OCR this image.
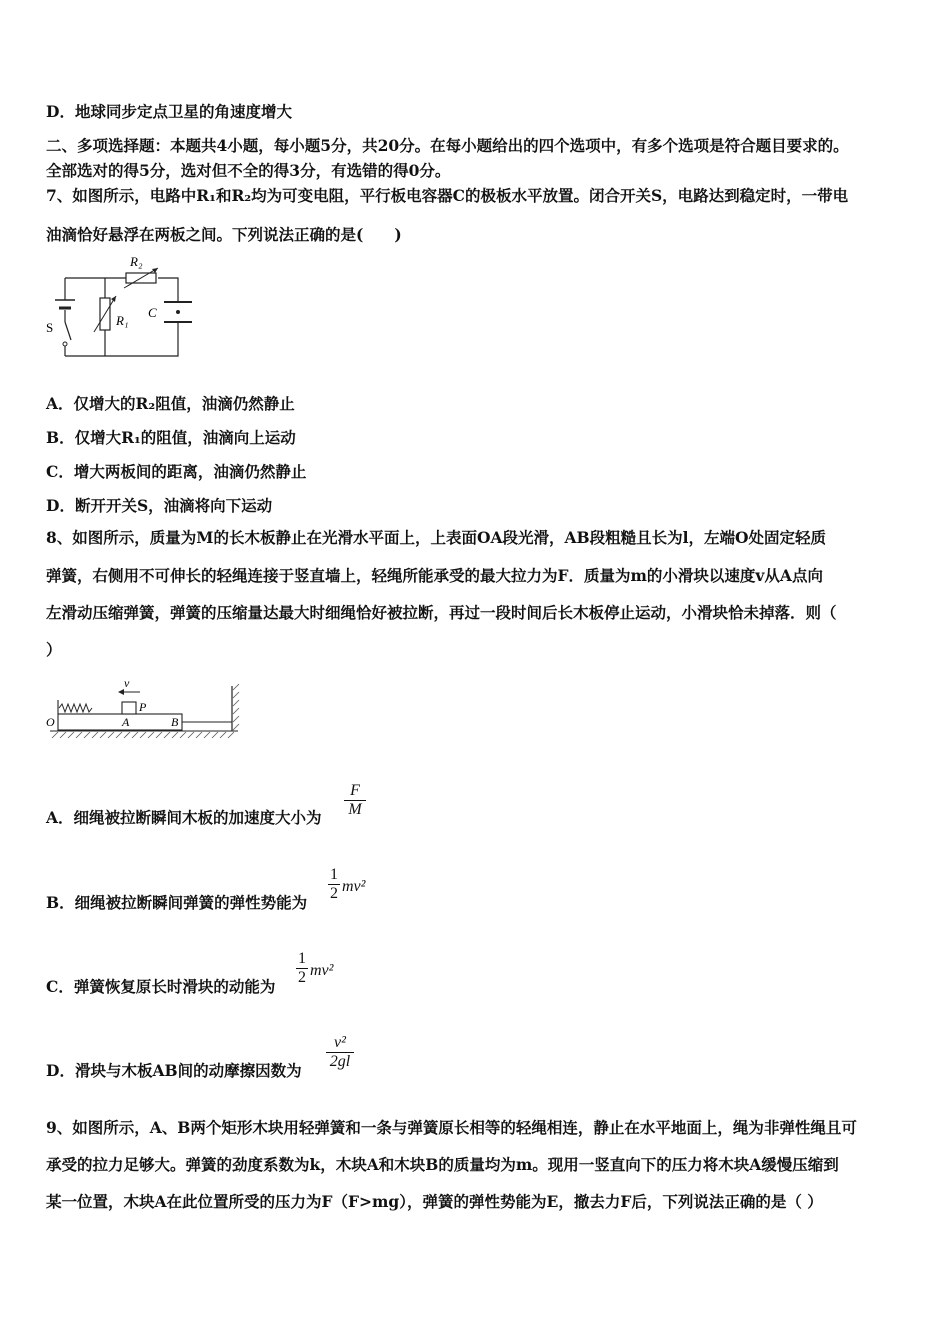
D．地球同步定点卫星的角速度增大
二、多项选择题：本题共4小题，每小题5分，共20分。在每小题给出的四个选项中，有多个选项是符合题目要求的。
全部选对的得5分，选对但不全的得3分，有选错的得0分。
7、如图所示，电路中R₁和R₂均为可变电阻，平行板电容器C的极板水平放置。闭合开关S，电路达到稳定时，一带电
油滴恰好悬浮在两板之间。下列说法正确的是(　　)
S
R₂
R₁
C
A．仅增大的R₂阻值，油滴仍然静止
B．仅增大R₁的阻值，油滴向上运动
C．增大两板间的距离，油滴仍然静止
D．断开开关S，油滴将向下运动
8、如图所示，质量为M的长木板静止在光滑水平面上，上表面OA段光滑，AB段粗糙且长为l，左端O处固定轻质
弹簧，右侧用不可伸长的轻绳连接于竖直墙上，轻绳所能承受的最大拉力为F．质量为m的小滑块以速度v从A点向
左滑动压缩弹簧，弹簧的压缩量达最大时细绳恰好被拉断，再过一段时间后长木板停止运动，小滑块恰未掉落．则（
）
v
P
O	A	B
A．细绳被拉断瞬间木板的加速度大小为
F
M
B．细绳被拉断瞬间弹簧的弹性势能为
1
2 mv²
C．弹簧恢复原长时滑块的动能为
1
2 mv²
D．滑块与木板AB间的动摩擦因数为
v²
2gl
9、如图所示，A、B两个矩形木块用轻弹簧和一条与弹簧原长相等的轻绳相连，静止在水平地面上，绳为非弹性绳且可
承受的拉力足够大。弹簧的劲度系数为k，木块A和木块B的质量均为m。现用一竖直向下的压力将木块A缓慢压缩到
某一位置，木块A在此位置所受的压力为F（F>mg），弹簧的弹性势能为E，撤去力F后，下列说法正确的是（ ）
